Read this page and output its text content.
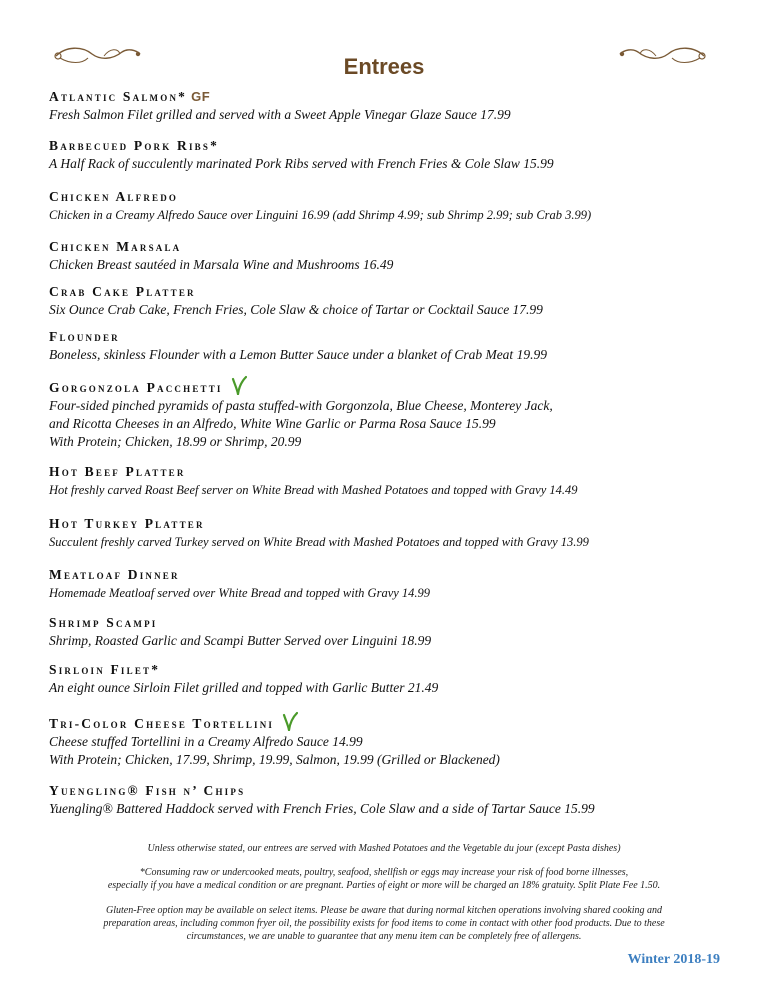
Entrees
Atlantic Salmon* GF
Fresh Salmon Filet grilled and served with a Sweet Apple Vinegar Glaze Sauce 17.99
Barbecued Pork Ribs*
A Half Rack of succulently marinated Pork Ribs served with French Fries & Cole Slaw 15.99
Chicken Alfredo
Chicken in a Creamy Alfredo Sauce over Linguini 16.99 (add Shrimp 4.99; sub Shrimp 2.99; sub Crab 3.99)
Chicken Marsala
Chicken Breast sautéed in Marsala Wine and Mushrooms 16.49
Crab Cake Platter
Six Ounce Crab Cake, French Fries, Cole Slaw & choice of Tartar or Cocktail Sauce 17.99
Flounder
Boneless, skinless Flounder with a Lemon Butter Sauce under a blanket of Crab Meat 19.99
Gorgonzola Pacchetti
Four-sided pinched pyramids of pasta stuffed-with Gorgonzola, Blue Cheese, Monterey Jack,
and Ricotta Cheeses in an Alfredo, White Wine Garlic or Parma Rosa Sauce 15.99
With Protein; Chicken, 18.99 or Shrimp, 20.99
Hot Beef Platter
Hot freshly carved Roast Beef server on White Bread with Mashed Potatoes and topped with Gravy 14.49
Hot Turkey Platter
Succulent freshly carved Turkey served on White Bread with Mashed Potatoes and topped with Gravy 13.99
Meatloaf Dinner
Homemade Meatloaf served over White Bread and topped with Gravy 14.99
Shrimp Scampi
Shrimp, Roasted Garlic and Scampi Butter Served over Linguini 18.99
Sirloin Filet*
An eight ounce Sirloin Filet grilled and topped with Garlic Butter 21.49
Tri-Color Cheese Tortellini
Cheese stuffed Tortellini in a Creamy Alfredo Sauce 14.99
With Protein; Chicken, 17.99, Shrimp, 19.99, Salmon, 19.99 (Grilled or Blackened)
Yuengling® Fish n’ Chips
Yuengling® Battered Haddock served with French Fries, Cole Slaw and a side of Tartar Sauce 15.99
Unless otherwise stated, our entrees are served with Mashed Potatoes and the Vegetable du jour (except Pasta dishes)
*Consuming raw or undercooked meats, poultry, seafood, shellfish or eggs may increase your risk of food borne illnesses,
especially if you have a medical condition or are pregnant. Parties of eight or more will be charged an 18% gratuity. Split Plate Fee 1.50.
Gluten-Free option may be available on select items. Please be aware that during normal kitchen operations involving shared cooking and
preparation areas, including common fryer oil, the possibility exists for food items to come in contact with other food products. Due to these
circumstances, we are unable to guarantee that any menu item can be completely free of allergens.
Winter 2018-19
